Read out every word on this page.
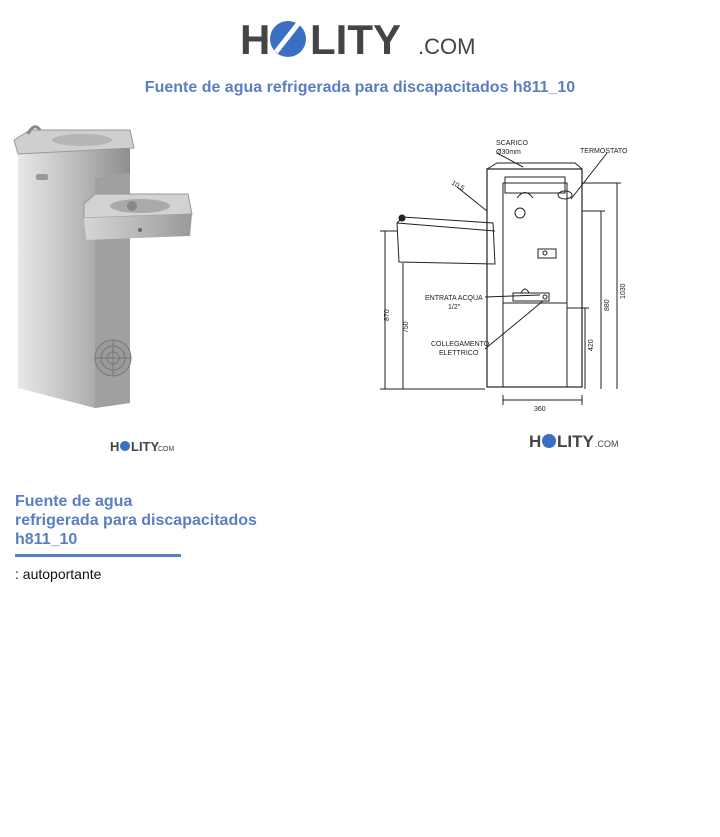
H LITY .COM
Fuente de agua refrigerada para discapacitados h811_10
SCARICO
Ø30mm	TERMOSTATO
10,5
ENTRATA ACQUA
1/2"
COLLEGAMENTO
ELETTRICO
870
750
880
1030
420
360
H LITY
.COM	H LITY .COM
Fuente de agua
refrigerada para discapacitados
h811_10
: autoportante
